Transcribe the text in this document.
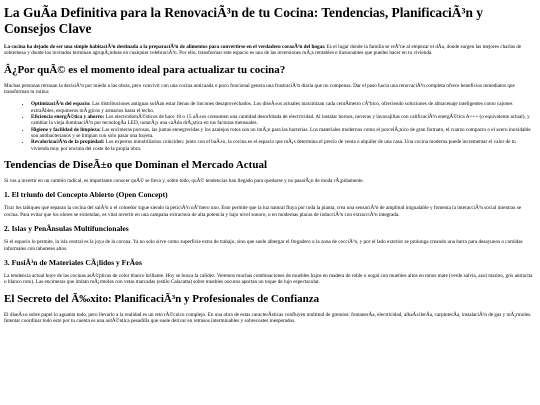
La GuÃa Definitiva para la RenovaciÃ³n de tu Cocina: Tendencias, PlanificaciÃ³n y Consejos Clave

La cocina ha dejado de ser una simple habitaciÃ³n destinada a la preparaciÃ³n de alimentos para convertirse en el verdadero corazÃ³n del hogar. Es el lugar donde la familia se reÃºne al empezar el dÃa, donde surgen las mejores charlas de sobremesa y donde los invitados terminan agrupÃ¡ndose en cualquier celebraciÃ³n. Por ello, transformar este espacio es una de las inversiones mÃ¡s rentables e ilusionantes que puedes hacer en tu vivienda.

Â¿Por quÃ© es el momento ideal para actualizar tu cocina?

Muchas personas retrasan la decisiÃ³n por miedo a las obras, pero convivir con una cocina anticuada o poco funcional genera una frustraciÃ³n diaria que no compensa. Dar el paso hacia una renovaciÃ³n completa ofrece beneficios inmediatos que transforman tu rutina:

• OptimizaciÃ³n del espacio: Las distribuciones antiguas solÃan estar llenas de rincones desaprovechados. Los diseÃ±os actuales maximizan cada centÃmetro cÃºbico, ofreciendo soluciones de almacenaje inteligentes como cajones extraÃbles, esquineros mÃ¡gicos y armarios hasta el techo.
• Eficiencia energÃ©tica y ahorro: Los electrodomÃ©sticos de hace 10 o 15 aÃ±os consumen una cantidad desorbitada de electricidad. Al instalar hornos, neveras y lavavajillas con calificaciÃ³n energÃ©tica A+++ (o equivalente actual), y cambiar la vieja iluminaciÃ³n por tecnologÃa LED, notarÃ¡s una caÃda drÃ¡stica en tus facturas mensuales.
• Higiene y facilidad de limpieza: Las encimeras porosas, las juntas ennegrecidas y los azulejos rotos son un imÃ¡n para las bacterias. Los materiales modernos como el porcelÃ¡nico de gran formato, el cuarzo compacto o el acero inoxidable son antibacterianos y se limpian con solo pasar una bayeta.
• RevalorizaciÃ³n de la propiedad: Los expertos inmobiliarios coinciden: junto con el baÃ±o, la cocina es el espacio que mÃ¡s determina el precio de venta o alquiler de una casa. Una cocina moderna puede incrementar el valor de tu vivienda muy por encima del coste de la propia obra.
Tendencias de DiseÃ±o que Dominan el Mercado Actual

Si vas a invertir en un cambio radical, es importante conocer quÃ© se lleva y, sobre todo, quÃ© tendencias han llegado para quedarse y no pasarÃ¡n de moda rÃ¡pidamente.

1. El triunfo del Concepto Abierto (Open Concept)

Tirar los tabiques que separan la cocina del salÃ³n o el comedor sigue siendo la peticiÃ³n nÃºmero uno. Esto permite que la luz natural fluya por toda la planta, crea una sensaciÃ³n de amplitud inigualable y fomenta la interacciÃ³n social mientras se cocina. Para evitar que los olores se extiendan, es vital invertir en una campana extractora de alta potencia y bajo nivel sonoro, o en modernas placas de inducciÃ³n con extracciÃ³n integrada.

2. Islas y PenÃnsulas Multifuncionales

Si el espacio lo permite, la isla central es la joya de la corona. Ya no solo sirve como superficie extra de trabajo, sino que suele albergar el fregadero o la zona de cocciÃ³n, y por el lado exterior se prolonga creando una barra para desayunos o comidas informales con taburetes altos.

3. FusiÃ³n de Materiales CÃ¡lidos y FrÃos

La tendencia actual huye de las cocinas asÃ©pticas de color blanco brillante. Hoy se busca la calidez. Veremos muchas combinaciones de muebles bajos en madera de roble o nogal con muebles altos en tonos mate (verde salvia, azul marino, gris antracita o blanco roto). Las encimeras que imitan mÃ¡rmoles con vetas marcadas (estilo Calacatta) sobre muebles oscuros aportan un toque de lujo espectacular.

El Secreto del Ã‰xito: PlanificaciÃ³n y Profesionales de Confianza

El diseÃ±o sobre papel lo aguanta todo, pero llevarlo a la realidad es un reto tÃ©cnico complejo. En una obra de estas caracterÃsticas confluyen multitud de gremios: fontanerÃa, electricidad, albaÃ±ilerÃa, carpinterÃa, instalaciÃ³n de gas y mÃ¡rmoles. Intentar coordinar todo esto por tu cuenta es una autÃ©ntica pesadilla que suele derivar en retrasos interminables y sobrecostes inesperados.
